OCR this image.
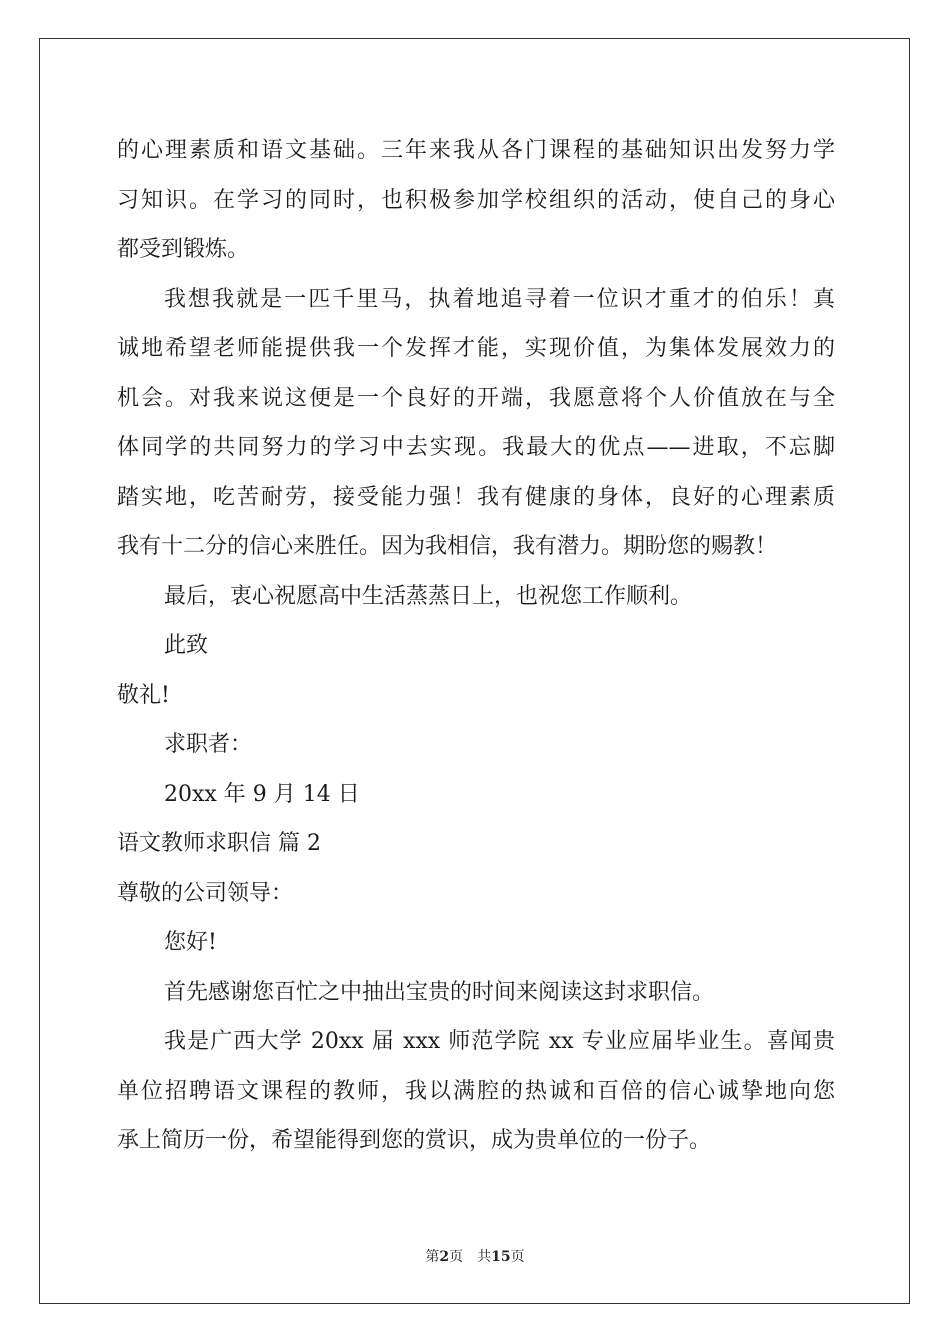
的心理素质和语文基础。三年来我从各门课程的基础知识出发努力学
习知识。在学习的同时，也积极参加学校组织的活动，使自己的身心
都受到锻炼。
我想我就是一匹千里马，执着地追寻着一位识才重才的伯乐！真
诚地希望老师能提供我一个发挥才能，实现价值，为集体发展效力的
机会。对我来说这便是一个良好的开端，我愿意将个人价值放在与全
体同学的共同努力的学习中去实现。我最大的优点——进取，不忘脚
踏实地，吃苦耐劳，接受能力强！我有健康的身体，良好的心理素质
我有十二分的信心来胜任。因为我相信，我有潜力。期盼您的赐教！
最后，衷心祝愿高中生活蒸蒸日上，也祝您工作顺利。
此致
敬礼!
求职者：
20xx 年 9 月 14 日
语文教师求职信 篇 2
尊敬的公司领导：
您好!
首先感谢您百忙之中抽出宝贵的时间来阅读这封求职信。
我是广西大学 20xx 届 xxx 师范学院 xx 专业应届毕业生。喜闻贵
单位招聘语文课程的教师，我以满腔的热诚和百倍的信心诚挚地向您
承上简历一份，希望能得到您的赏识，成为贵单位的一份子。
第2页 共15页
